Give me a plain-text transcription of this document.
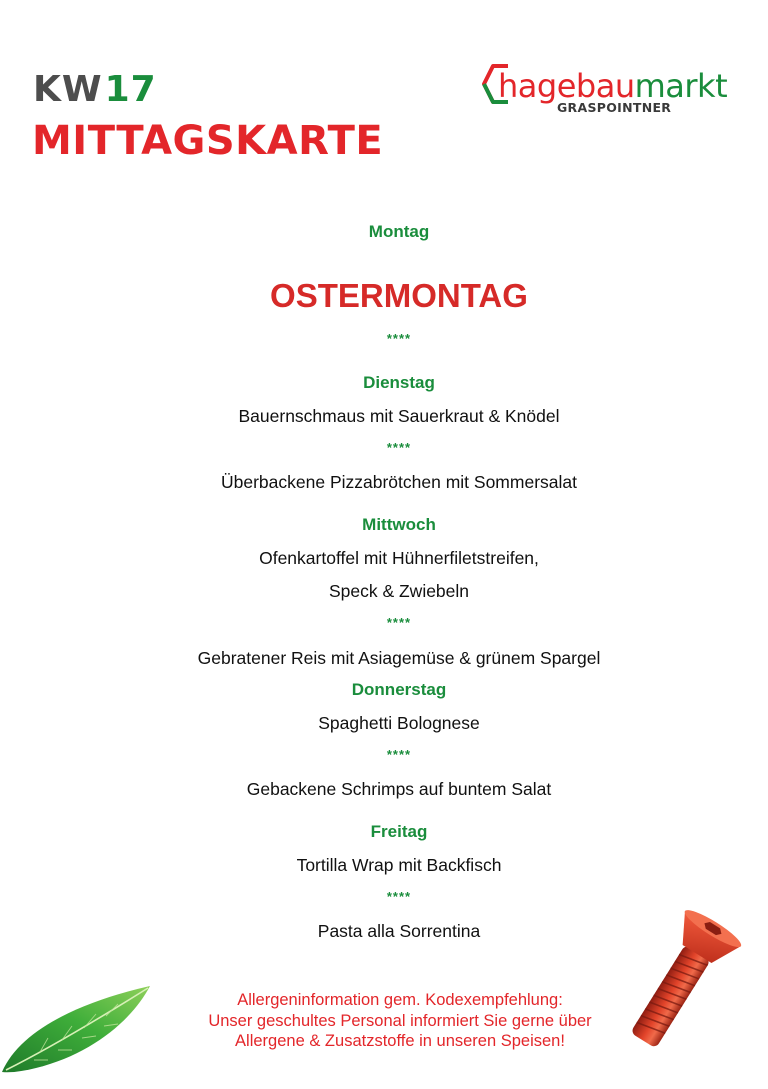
KW17
MITTAGSKARTE
hagebaumarkt
GRASPOINTNER
Montag
OSTERMONTAG
****
Dienstag
Bauernschmaus mit Sauerkraut & Knödel
****
Überbackene Pizzabrötchen mit Sommersalat
Mittwoch
Ofenkartoffel mit Hühnerfiletstreifen,
Speck & Zwiebeln
****
Gebratener Reis mit Asiagemüse & grünem Spargel
Donnerstag
Spaghetti Bolognese
****
Gebackene Schrimps auf buntem Salat
Freitag
Tortilla Wrap mit Backfisch
****
Pasta alla Sorrentina
Allergeninformation gem. Kodexempfehlung:
Unser geschultes Personal informiert Sie gerne über
Allergene & Zusatzstoffe in unseren Speisen!
